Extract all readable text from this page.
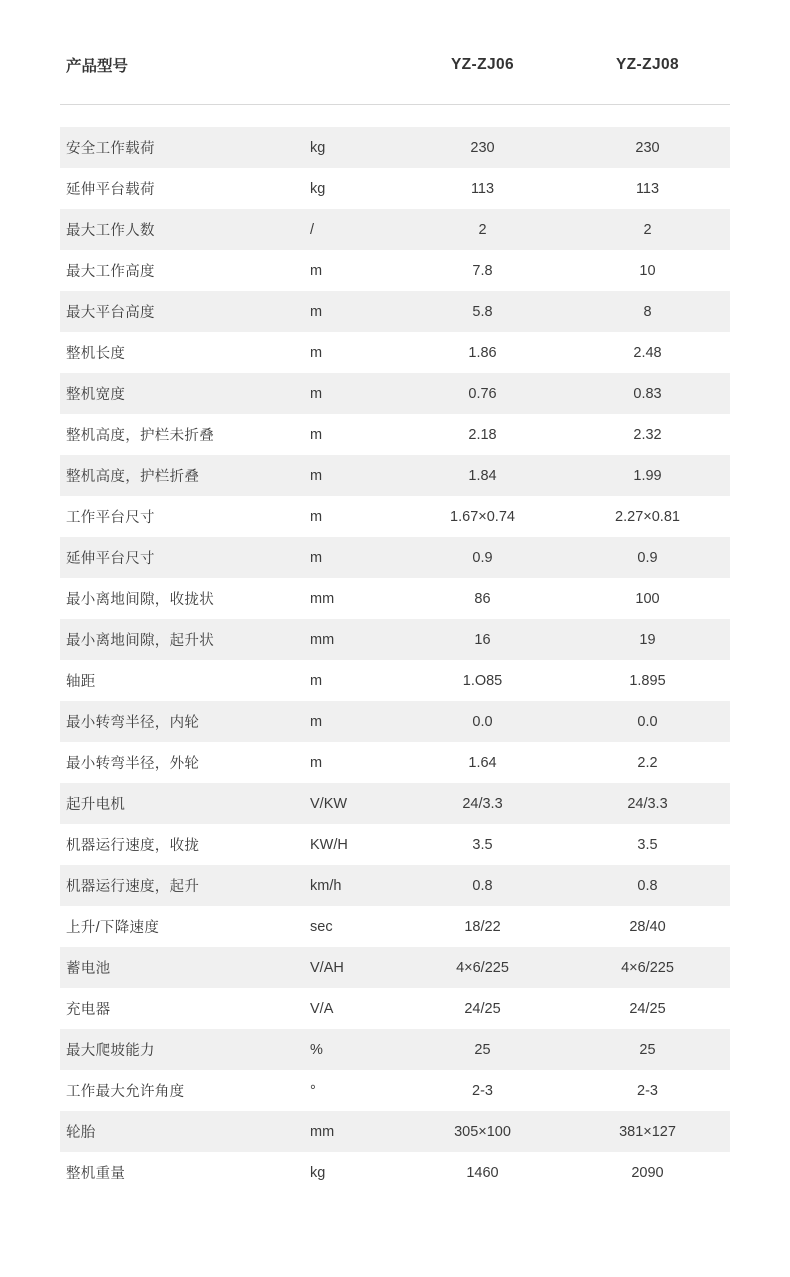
产品型号		YZ-ZJ06	YZ-ZJ08

安全工作载荷	kg	230	230
延伸平台载荷	kg	113	113
最大工作人数	/	2	2
最大工作高度	m	7.8	10
最大平台高度	m	5.8	8
整机长度	m	1.86	2.48
整机宽度	m	0.76	0.83
整机高度，护栏未折叠	m	2.18	2.32
整机高度，护栏折叠	m	1.84	1.99
工作平台尺寸	m	1.67×0.74	2.27×0.81
延伸平台尺寸	m	0.9	0.9
最小离地间隙，收拢状	mm	86	100
最小离地间隙，起升状	mm	16	19
轴距	m	1.O85	1.895
最小转弯半径，内轮	m	0.0	0.0
最小转弯半径，外轮	m	1.64	2.2
起升电机	V/KW	24/3.3	24/3.3
机器运行速度，收拢	KW/H	3.5	3.5
机器运行速度，起升	km/h	0.8	0.8
上升/下降速度	sec	18/22	28/40
蓄电池	V/AH	4×6/225	4×6/225
充电器	V/A	24/25	24/25
最大爬坡能力	%	25	25
工作最大允许角度	°	2-3	2-3
轮胎	mm	305×100	381×127
整机重量	kg	1460	2090
